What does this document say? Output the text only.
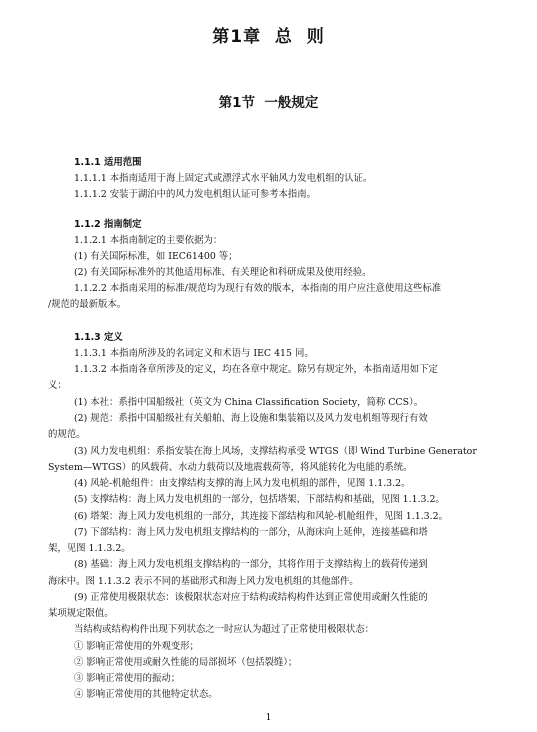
第1章  总  则
第1节  一般规定
1.1.1 适用范围
1.1.1.1 本指南适用于海上固定式或漂浮式水平轴风力发电机组的认证。
1.1.1.2 安装于湖泊中的风力发电机组认证可参考本指南。
1.1.2 指南制定
1.1.2.1 本指南制定的主要依据为：
(1) 有关国际标准，如 IEC61400 等；
(2) 有关国际标准外的其他适用标准、有关理论和科研成果及使用经验。
1.1.2.2 本指南采用的标准/规范均为现行有效的版本，本指南的用户应注意使用这些标准
/规范的最新版本。
1.1.3 定义
1.1.3.1 本指南所涉及的名词定义和术语与 IEC 415 同。
1.1.3.2 本指南各章所涉及的定义，均在各章中规定。除另有规定外，本指南适用如下定
义：
(1) 本社：系指中国船级社（英文为 China Classification Society，简称 CCS）。
(2) 规范：系指中国船级社有关船舶、海上设施和集装箱以及风力发电机组等现行有效
的规范。
(3) 风力发电机组：系指安装在海上风场，支撑结构承受 WTGS（即 Wind Turbine Generator
System—WTGS）的风载荷、水动力载荷以及地震载荷等，将风能转化为电能的系统。
(4) 风轮-机舱组件：由支撑结构支撑的海上风力发电机组的部件，见图 1.1.3.2。
(5) 支撑结构：海上风力发电机组的一部分，包括塔架、下部结构和基础，见图 1.1.3.2。
(6) 塔架：海上风力发电机组的一部分，其连接下部结构和风轮-机舱组件，见图 1.1.3.2。
(7) 下部结构：海上风力发电机组支撑结构的一部分，从海床向上延伸，连接基础和塔
架，见图 1.1.3.2。
(8) 基础：海上风力发电机组支撑结构的一部分，其将作用于支撑结构上的载荷传递到
海床中。图 1.1.3.2 表示不同的基础形式和海上风力发电机组的其他部件。
(9) 正常使用极限状态：该极限状态对应于结构或结构构件达到正常使用或耐久性能的
某项规定限值。
当结构或结构构件出现下列状态之一时应认为超过了正常使用极限状态：
① 影响正常使用的外观变形；
② 影响正常使用或耐久性能的局部损坏（包括裂缝）；
③ 影响正常使用的振动；
④ 影响正常使用的其他特定状态。
1
